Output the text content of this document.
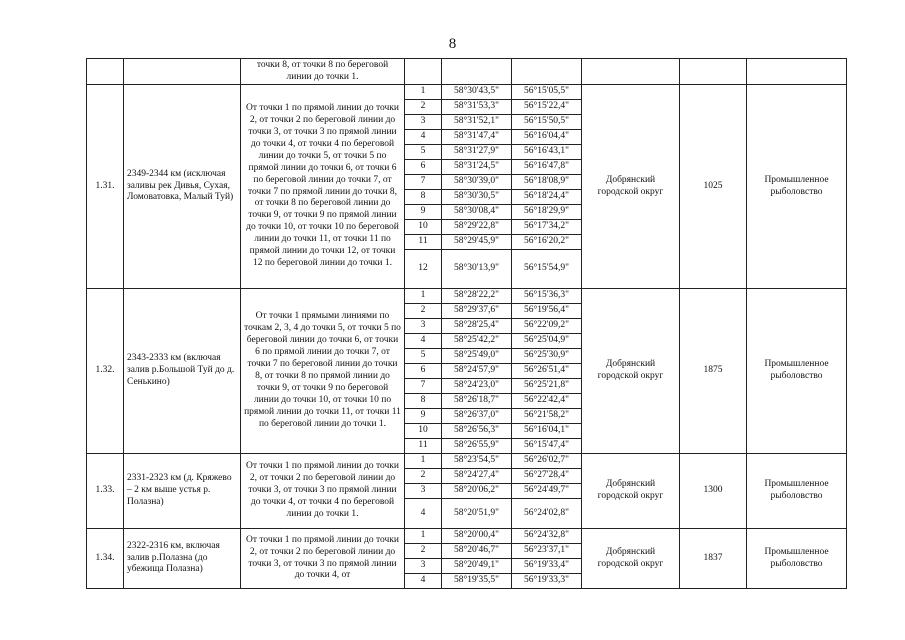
8
		точки 8, от точки 8 по береговой линии до точки 1.						
1.31.	2349-2344 км (исключая заливы рек Дивья, Сухая, Ломоватовка, Малый Туй)	От точки 1 по прямой линии до точки 2, от точки 2 по береговой линии до точки 3, от точки 3 по прямой линии до точки 4, от точки 4 по береговой линии до точки 5, от точки 5 по прямой линии до точки 6, от точки 6 по береговой линии до точки 7, от точки 7 по прямой линии до точки 8, от точки 8 по береговой линии до точки 9, от точки 9 по прямой линии до точки 10, от точки 10 по береговой линии до точки 11, от точки 11 по прямой линии до точки 12, от точки 12 по береговой линии до точки 1.	1	58°30'43,5"	56°15'05,5"	Добрянский городской округ	1025	Промышленное рыболовство
			2	58°31'53,3"	56°15'22,4"			
			3	58°31'52,1"	56°15'50,5"			
			4	58°31'47,4"	56°16'04,4"			
			5	58°31'27,9"	56°16'43,1"			
			6	58°31'24,5"	56°16'47,8"			
			7	58°30'39,0"	56°18'08,9"			
			8	58°30'30,5"	56°18'24,4"			
			9	58°30'08,4"	56°18'29,9"			
			10	58°29'22,8"	56°17'34,2"			
			11	58°29'45,9"	56°16'20,2"			
			12	58°30'13,9"	56°15'54,9"			
1.32.	2343-2333 км (включая залив р.Большой Туй до д. Сенькино)	От точки 1 прямыми линиями по точкам 2, 3, 4 до точки 5, от точки 5 по береговой линии до точки 6, от точки 6 по прямой линии до точки 7, от точки 7 по береговой линии до точки 8, от точки 8 по прямой линии до точки 9, от точки 9 по береговой линии до точки 10, от точки 10 по прямой линии до точки 11, от точки 11 по береговой линии до точки 1.	1	58°28'22,2"	56°15'36,3"	Добрянский городской округ	1875	Промышленное рыболовство
			2	58°29'37,6"	56°19'56,4"			
			3	58°28'25,4"	56°22'09,2"			
			4	58°25'42,2"	56°25'04,9"			
			5	58°25'49,0"	56°25'30,9"			
			6	58°24'57,9"	56°26'51,4"			
			7	58°24'23,0"	56°25'21,8"			
			8	58°26'18,7"	56°22'42,4"			
			9	58°26'37,0"	56°21'58,2"			
			10	58°26'56,3"	56°16'04,1"			
			11	58°26'55,9"	56°15'47,4"			
1.33.	2331-2323 км (д. Кряжево – 2 км выше устья р. Полазна)	От точки 1 по прямой линии до точки 2, от точки 2 по береговой линии до точки 3, от точки 3 по прямой линии до точки 4, от точки 4 по береговой линии до точки 1.	1	58°23'54,5"	56°26'02,7"	Добрянский городской округ	1300	Промышленное рыболовство
			2	58°24'27,4"	56°27'28,4"			
			3	58°20'06,2"	56°24'49,7"			
			4	58°20'51,9"	56°24'02,8"			
1.34.	2322-2316 км, включая залив р.Полазна (до убежища Полазна)	От точки 1 по прямой линии до точки 2, от точки 2 по береговой линии до точки 3, от точки 3 по прямой линии до точки 4, от	1	58°20'00,4"	56°24'32,8"	Добрянский городской округ	1837	Промышленное рыболовство
			2	58°20'46,7"	56°23'37,1"			
			3	58°20'49,1"	56°19'33,4"			
			4	58°19'35,5"	56°19'33,3"			
